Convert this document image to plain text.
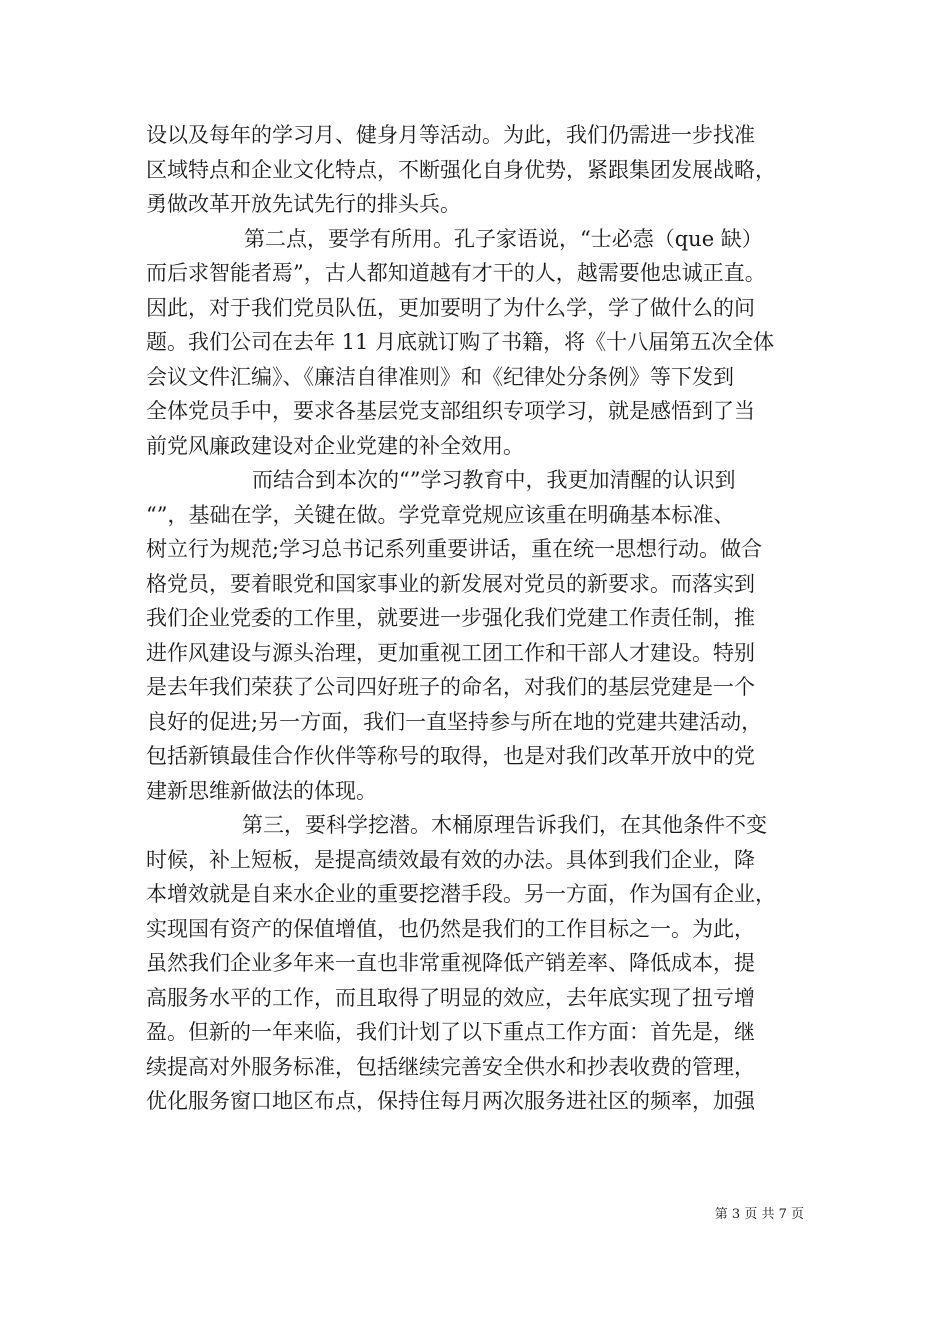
设以及每年的学习月、健身月等活动。为此，我们仍需进一步找准
区域特点和企业文化特点，不断强化自身优势，紧跟集团发展战略，
勇做改革开放先试先行的排头兵。
第二点，要学有所用。孔子家语说，“士必悫（que 缺）
而后求智能者焉”，古人都知道越有才干的人，越需要他忠诚正直。
因此，对于我们党员队伍，更加要明了为什么学，学了做什么的问
题。我们公司在去年 11 月底就订购了书籍，将《十八届第五次全体
会议文件汇编》、《廉洁自律准则》和《纪律处分条例》等下发到
全体党员手中，要求各基层党支部组织专项学习，就是感悟到了当
前党风廉政建设对企业党建的补全效用。
而结合到本次的“”学习教育中，我更加清醒的认识到
“”，基础在学，关键在做。学党章党规应该重在明确基本标准、
树立行为规范;学习总书记系列重要讲话，重在统一思想行动。做合
格党员，要着眼党和国家事业的新发展对党员的新要求。而落实到
我们企业党委的工作里，就要进一步强化我们党建工作责任制，推
进作风建设与源头治理，更加重视工团工作和干部人才建设。特别
是去年我们荣获了公司四好班子的命名，对我们的基层党建是一个
良好的促进;另一方面，我们一直坚持参与所在地的党建共建活动，
包括新镇最佳合作伙伴等称号的取得，也是对我们改革开放中的党
建新思维新做法的体现。
第三，要科学挖潜。木桶原理告诉我们，在其他条件不变
时候，补上短板，是提高绩效最有效的办法。具体到我们企业，降
本增效就是自来水企业的重要挖潜手段。另一方面，作为国有企业，
实现国有资产的保值增值，也仍然是我们的工作目标之一。为此，
虽然我们企业多年来一直也非常重视降低产销差率、降低成本，提
高服务水平的工作，而且取得了明显的效应，去年底实现了扭亏增
盈。但新的一年来临，我们计划了以下重点工作方面：首先是，继
续提高对外服务标准，包括继续完善安全供水和抄表收费的管理，
优化服务窗口地区布点，保持住每月两次服务进社区的频率，加强
第 3 页 共 7 页
